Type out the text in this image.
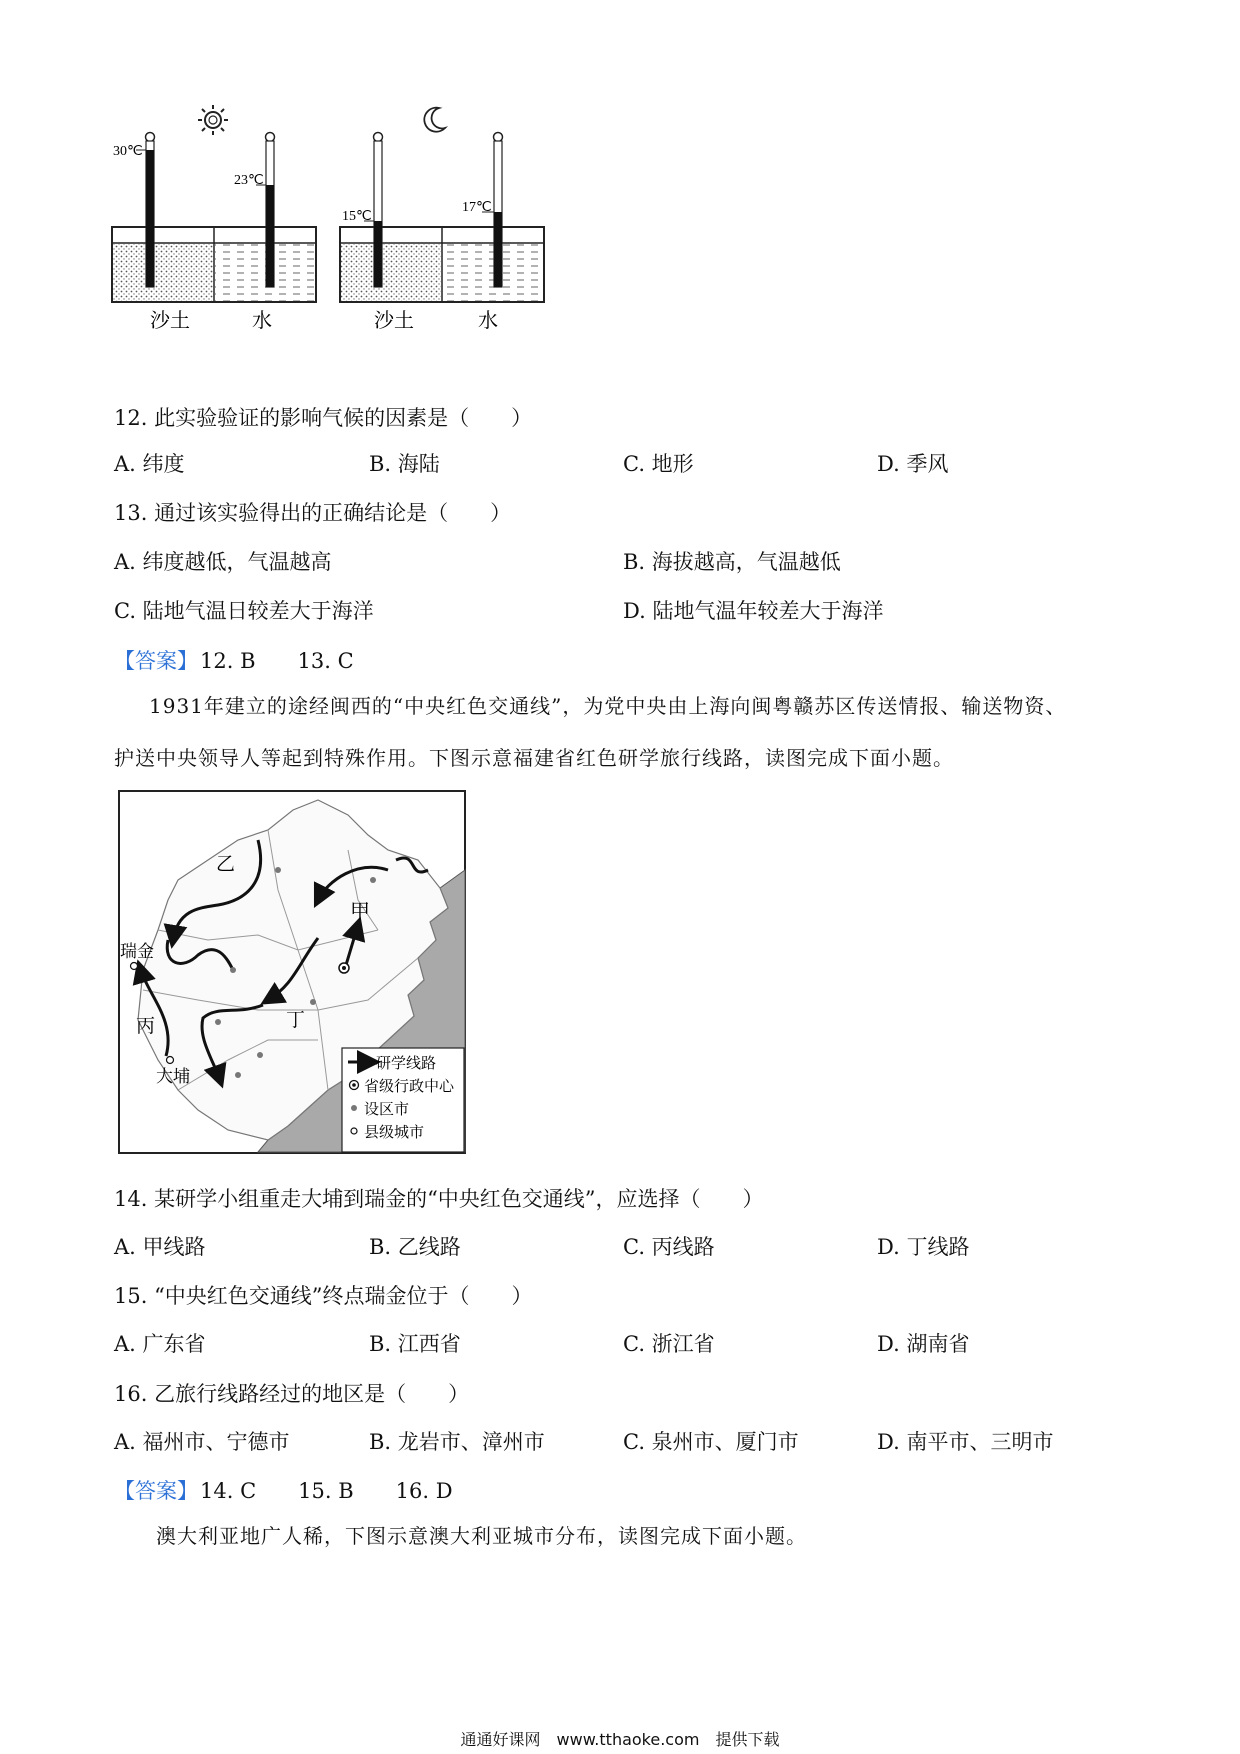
30℃
23℃
15℃
17℃
沙土	水	沙土	水
12. 此实验验证的影响气候的因素是（　　）
A. 纬度	B. 海陆	C. 地形	D. 季风
13. 通过该实验得出的正确结论是（　　）
A. 纬度越低，气温越高	B. 海拔越高，气温越低
C. 陆地气温日较差大于海洋	D. 陆地气温年较差大于海洋
【答案】12. B　　13. C
1931年建立的途经闽西的“中央红色交通线”，为党中央由上海向闽粤赣苏区传送情报、输送物资、
护送中央领导人等起到特殊作用。下图示意福建省红色研学旅行线路，读图完成下面小题。
甲
乙
丙	丁
瑞金
大埔
研学线路
省级行政中心
设区市
县级城市
14. 某研学小组重走大埔到瑞金的“中央红色交通线”，应选择（　　）
A. 甲线路	B. 乙线路	C. 丙线路	D. 丁线路
15. “中央红色交通线”终点瑞金位于（　　）
A. 广东省	B. 江西省	C. 浙江省	D. 湖南省
16. 乙旅行线路经过的地区是（　　）
A. 福州市、宁德市	B. 龙岩市、漳州市	C. 泉州市、厦门市	D. 南平市、三明市
【答案】14. C　　15. B　　16. D
澳大利亚地广人稀，下图示意澳大利亚城市分布，读图完成下面小题。
通通好课网　www.tthaoke.com　提供下载
